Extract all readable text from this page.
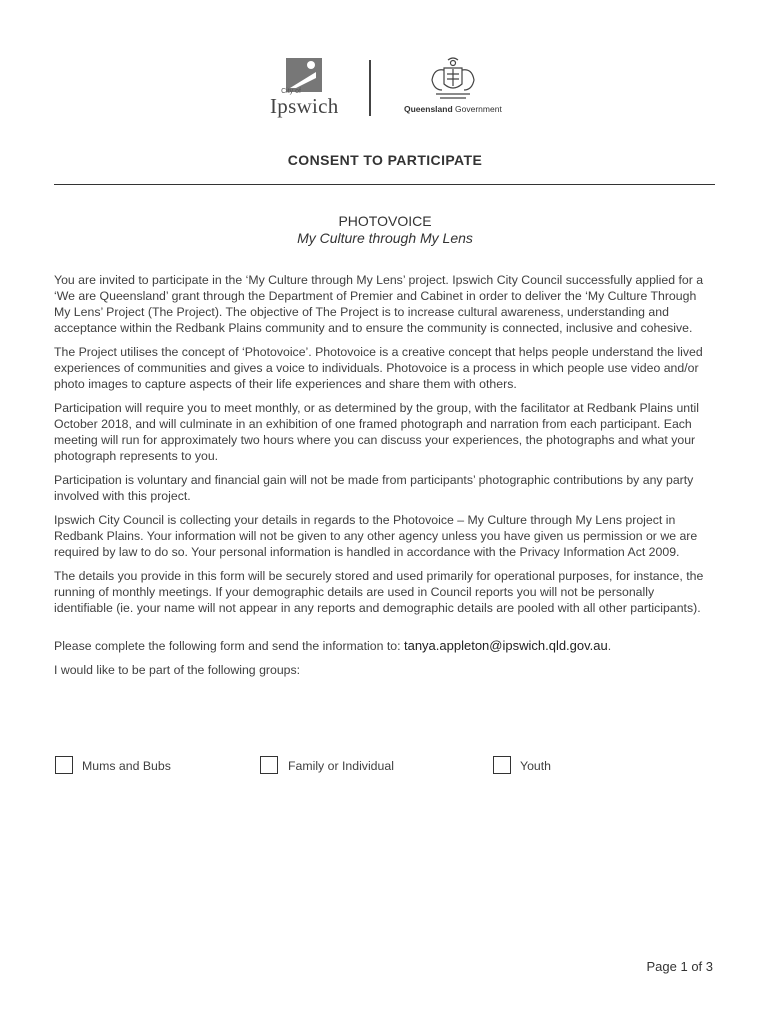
City of
Ipswich	Queensland Government
CONSENT TO PARTICIPATE
PHOTOVOICE
My Culture through My Lens

You are invited to participate in the ‘My Culture through My Lens’ project. Ipswich City Council successfully applied for a ‘We are Queensland’ grant through the Department of Premier and Cabinet in order to deliver the ‘My Culture Through My Lens’ Project (The Project). The objective of The Project is to increase cultural awareness, understanding and acceptance within the Redbank Plains community and to ensure the community is connected, inclusive and cohesive.

The Project utilises the concept of ‘Photovoice’. Photovoice is a creative concept that helps people understand the lived experiences of communities and gives a voice to individuals. Photovoice is a process in which people use video and/or photo images to capture aspects of their life experiences and share them with others.

Participation will require you to meet monthly, or as determined by the group, with the facilitator at Redbank Plains until October 2018, and will culminate in an exhibition of one framed photograph and narration from each participant. Each meeting will run for approximately two hours where you can discuss your experiences, the photographs and what your photograph represents to you.

Participation is voluntary and financial gain will not be made from participants’ photographic contributions by any party involved with this project.

Ipswich City Council is collecting your details in regards to the Photovoice – My Culture through My Lens project in Redbank Plains. Your information will not be given to any other agency unless you have given us permission or we are required by law to do so. Your personal information is handled in accordance with the Privacy Information Act 2009.

The details you provide in this form will be securely stored and used primarily for operational purposes, for instance, the running of monthly meetings. If your demographic details are used in Council reports you will not be personally identifiable (ie. your name will not appear in any reports and demographic details are pooled with all other participants).

Please complete the following form and send the information to: tanya.appleton@ipswich.qld.gov.au.

I would like to be part of the following groups:

Mums and Bubs	Family or Individual	Youth
Page 1 of 3
